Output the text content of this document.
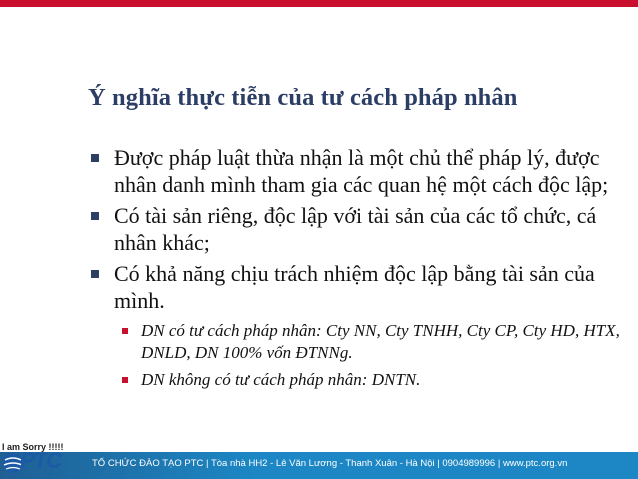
Ý nghĩa thực tiễn của tư cách pháp nhân
Được pháp luật thừa nhận là một chủ thể pháp lý, được nhân danh mình tham gia các quan hệ một cách độc lập;
Có tài sản riêng, độc lập với tài sản của các tổ chức, cá nhân khác;
Có khả năng chịu trách nhiệm độc lập bằng tài sản của mình.
DN có tư cách pháp nhân: Cty NN, Cty TNHH, Cty CP, Cty HD, HTX, DNLD, DN 100% vốn ĐTNNg.
DN không có tư cách pháp nhân: DNTN.
TỔ CHỨC ĐÀO TẠO PTC | Tòa nhà HH2 - Lê Văn Lương - Thanh Xuân - Hà Nội | 0904989996 | www.ptc.org.vn
PTC
I am Sorry !!!!!
